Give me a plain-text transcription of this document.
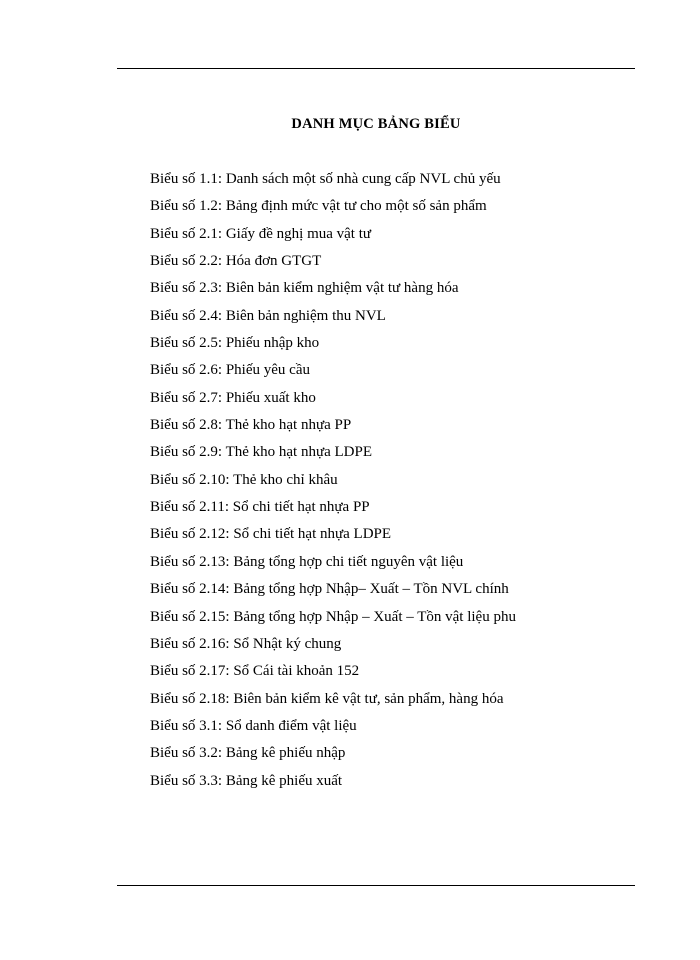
DANH MỤC BẢNG BIỂU
Biểu số 1.1: Danh sách một số nhà cung cấp NVL chủ yếu
Biểu số 1.2: Bảng định mức vật tư cho một số sản phẩm
Biểu số 2.1: Giấy đề nghị mua vật tư
Biểu số 2.2: Hóa đơn GTGT
Biểu số 2.3: Biên bản kiểm nghiệm vật tư hàng hóa
Biểu số 2.4: Biên bản nghiệm thu NVL
Biểu số 2.5: Phiếu nhập kho
Biểu số 2.6: Phiếu yêu cầu
Biểu số 2.7: Phiếu xuất kho
Biểu số 2.8: Thẻ kho hạt nhựa PP
Biểu số 2.9: Thẻ kho hạt nhựa LDPE
Biểu số 2.10: Thẻ kho chỉ khâu
Biểu số 2.11: Sổ chi tiết hạt nhựa PP
Biểu số 2.12: Sổ chi tiết hạt nhựa LDPE
Biểu số 2.13: Bảng tổng hợp chi tiết nguyên vật liệu
Biểu số 2.14: Bảng tổng hợp Nhập– Xuất – Tồn NVL chính
Biểu số 2.15: Bảng tổng hợp Nhập – Xuất – Tồn vật liệu phu
Biểu số 2.16: Sổ Nhật ký chung
Biểu số 2.17: Sổ Cái tài khoản 152
Biểu số 2.18: Biên bản kiểm kê vật tư, sản phẩm, hàng hóa
Biểu số 3.1: Sổ danh điểm vật liệu
Biểu số 3.2: Bảng kê phiếu nhập
Biểu số 3.3: Bảng kê phiếu xuất
